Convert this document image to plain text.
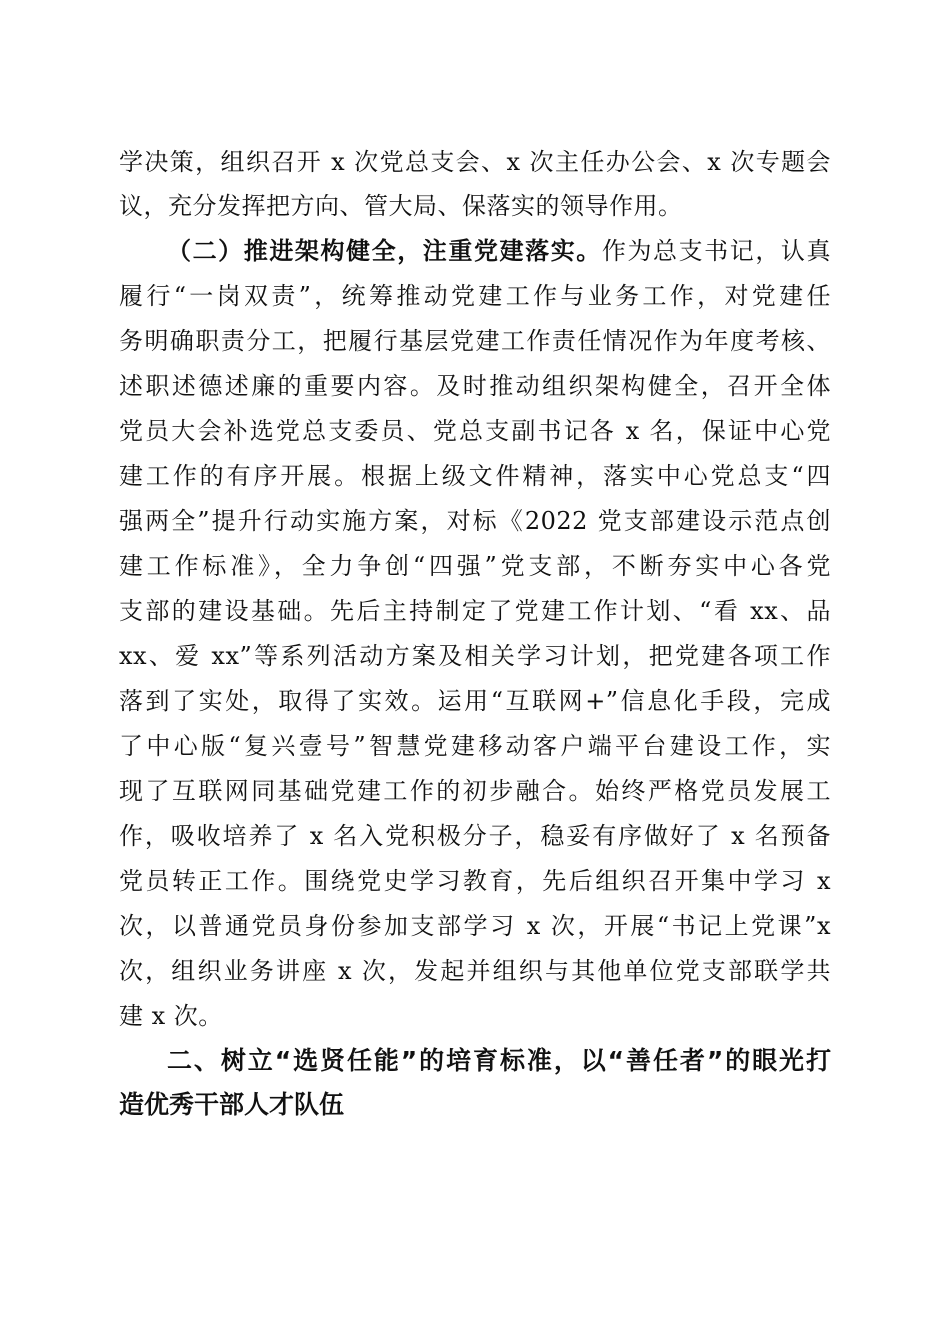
学决策，组织召开 x 次党总支会、x 次主任办公会、x 次专题会
议，充分发挥把方向、管大局、保落实的领导作用。
（二）推进架构健全，注重党建落实。作为总支书记，认真
履行“一岗双责”，统筹推动党建工作与业务工作，对党建任
务明确职责分工，把履行基层党建工作责任情况作为年度考核、
述职述德述廉的重要内容。及时推动组织架构健全，召开全体
党员大会补选党总支委员、党总支副书记各 x 名，保证中心党
建工作的有序开展。根据上级文件精神，落实中心党总支“四
强两全”提升行动实施方案，对标《2022 党支部建设示范点创
建工作标准》，全力争创“四强”党支部，不断夯实中心各党
支部的建设基础。先后主持制定了党建工作计划、“看 xx、品
xx、爱 xx”等系列活动方案及相关学习计划，把党建各项工作
落到了实处，取得了实效。运用“互联网+”信息化手段，完成
了中心版“复兴壹号”智慧党建移动客户端平台建设工作，实
现了互联网同基础党建工作的初步融合。始终严格党员发展工
作，吸收培养了 x 名入党积极分子，稳妥有序做好了 x 名预备
党员转正工作。围绕党史学习教育，先后组织召开集中学习 x
次，以普通党员身份参加支部学习 x 次，开展“书记上党课”x
次，组织业务讲座 x 次，发起并组织与其他单位党支部联学共
建 x 次。
二、树立“选贤任能”的培育标准，以“善任者”的眼光打
造优秀干部人才队伍
